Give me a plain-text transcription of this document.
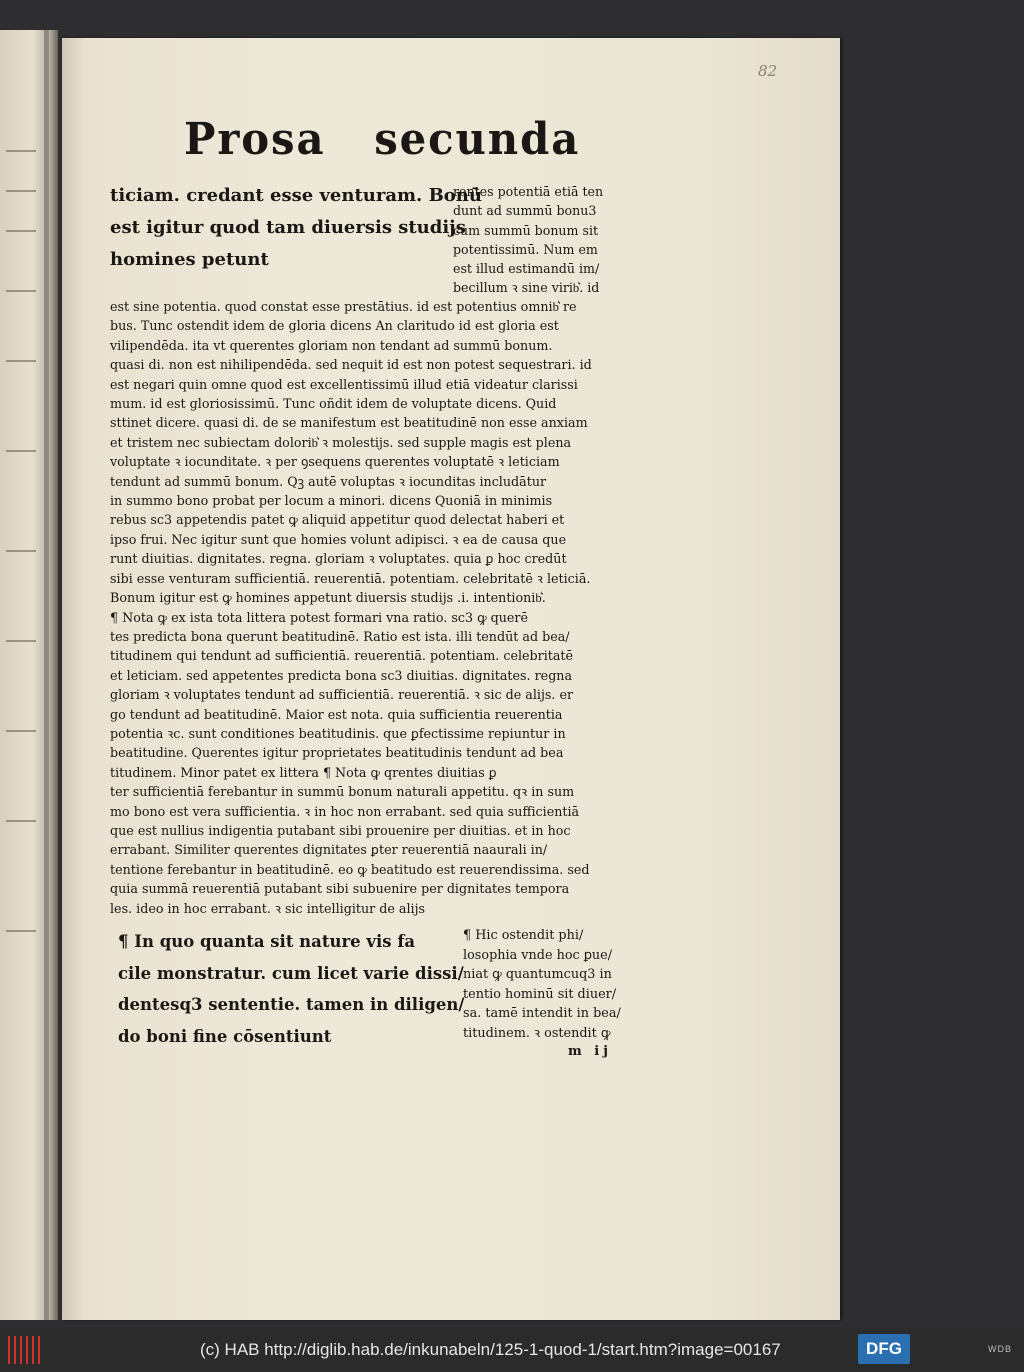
82
Prosa secunda
ticiam. credant esse venturam. Bonū
est igitur quod tam diuersis studijs
homines petunt
rentes potentiā etiā ten
dunt ad summū bonu3
cum summū bonum sit
potentissimū. Num em
est illud estimandū im/
becillum ꝛ sine virib͛. id
est sine potentia. quod constat esse prestātius. id est potentius omnib͛ re
bus. Tunc ostendit idem de gloria dicens An claritudo id est gloria est
vilipendēda. ita vt querentes gloriam non tendant ad summū bonum.
quasi di. non est nihilipendēda. sed nequit id est non potest sequestrari. id
est negari quin omne quod est excellentissimū illud etiā videatur clarissi
mum. id est gloriosissimū. Tunc oñdit idem de voluptate dicens. Quid
sttinet dicere. quasi di. de se manifestum est beatitudinē non esse anxiam
et tristem nec subiectam dolorib͛ ꝛ molestijs. sed supple magis est plena
voluptate ꝛ iocunditate. ꝛ per ꝯsequens querentes voluptatē ꝛ leticiam
tendunt ad summū bonum. Qꝫ autē voluptas ꝛ iocunditas includātur
in summo bono probat per locum a minori. dicens Quoniā in minimis
rebus sc3 appetendis patet ꝙ aliquid appetitur quod delectat haberi et
ipso frui. Nec igitur sunt que homies volunt adipisci. ꝛ ea de causa que
runt diuitias. dignitates. regna. gloriam ꝛ voluptates. quia ꝑ hoc credūt
sibi esse venturam sufficientiā. reuerentiā. potentiam. celebritatē ꝛ leticiā.
Bonum igitur est ꝙ homines appetunt diuersis studijs .i. intentionib͛.
¶ Nota ꝙ ex ista tota littera potest formari vna ratio. sc3 ꝙ querē
tes predicta bona querunt beatitudinē. Ratio est ista. illi tendūt ad bea/
titudinem qui tendunt ad sufficientiā. reuerentiā. potentiam. celebritatē
et leticiam. sed appetentes predicta bona sc3 diuitias. dignitates. regna
gloriam ꝛ voluptates tendunt ad sufficientiā. reuerentiā. ꝛ sic de alijs. er
go tendunt ad beatitudinē. Maior est nota. quia sufficientia reuerentia
potentia ꝛc. sunt conditiones beatitudinis. que ꝑfectissime repiuntur in
beatitudine. Querentes igitur proprietates beatitudinis tendunt ad bea
titudinem. Minor patet ex littera ¶ Nota ꝙ qrentes diuitias ꝑ
ter sufficientiā ferebantur in summū bonum naturali appetitu. qꝛ in sum
mo bono est vera sufficientia. ꝛ in hoc non errabant. sed quia sufficientiā
que est nullius indigentia putabant sibi prouenire per diuitias. et in hoc
errabant. Similiter querentes dignitates ꝑter reuerentiā naaurali in/
tentione ferebantur in beatitudinē. eo ꝙ beatitudo est reuerendissima. sed
quia summā reuerentiā putabant sibi subuenire per dignitates tempora
les. ideo in hoc errabant. ꝛ sic intelligitur de alijs
¶ In quo quanta sit nature vis fa
cile monstratur. cum licet varie dissi/
dentesq3 sententie. tamen in diligen/
do boni fine cōsentiunt
¶ Hic ostendit phi/
losophia vnde hoc ꝑue/
niat ꝙ quantumcuq3 in
tentio hominū sit diuer/
sa. tamē intendit in bea/
titudinem. ꝛ ostendit ꝙ
m ij
(c) HAB http://diglib.hab.de/inkunabeln/125-1-quod-1/start.htm?image=00167	DFG	WDB
